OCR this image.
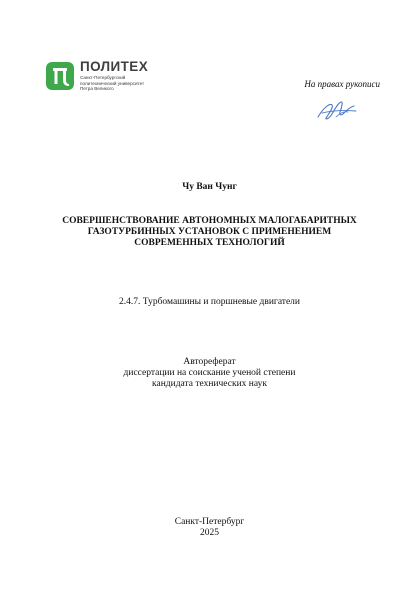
ПОЛИТЕХ
Санкт-Петербургский
политехнический университет
Петра Великого	На правах рукописи
Чу Ван Чунг
СОВЕРШЕНСТВОВАНИЕ АВТОНОМНЫХ МАЛОГАБАРИТНЫХ
ГАЗОТУРБИННЫХ УСТАНОВОК С ПРИМЕНЕНИЕМ
СОВРЕМЕННЫХ ТЕХНОЛОГИЙ
2.4.7. Турбомашины и поршневые двигатели
Автореферат
диссертации на соискание ученой степени
кандидата технических наук
Санкт-Петербург
2025
